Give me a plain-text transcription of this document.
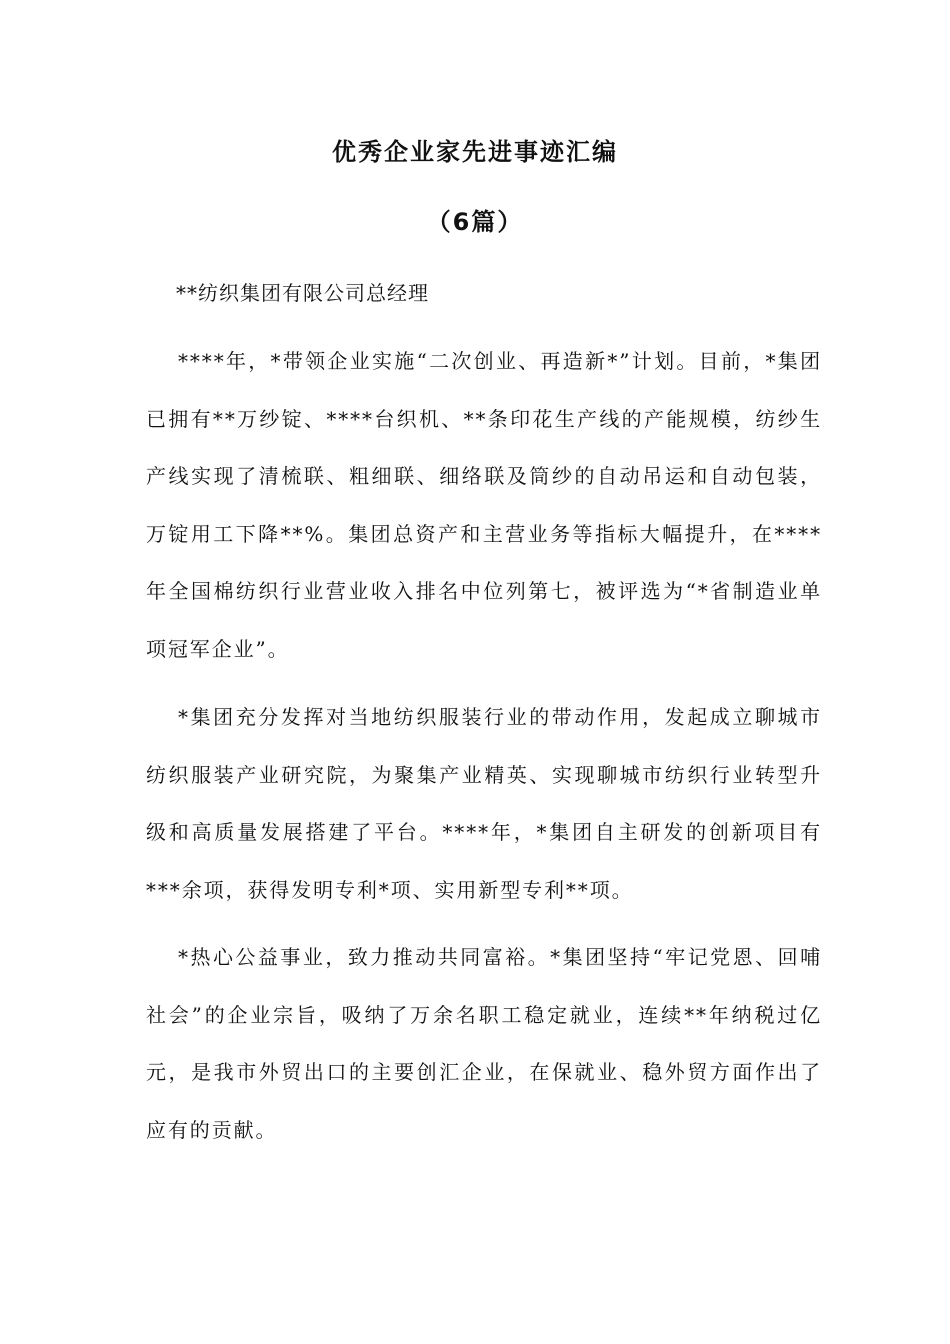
优秀企业家先进事迹汇编
（6篇）
**纺织集团有限公司总经理

****年，*带领企业实施“二次创业、再造新*”计划。目前，*集团已拥有**万纱锭、****台织机、**条印花生产线的产能规模，纺纱生产线实现了清梳联、粗细联、细络联及筒纱的自动吊运和自动包装，万锭用工下降**%。集团总资产和主营业务等指标大幅提升，在****年全国棉纺织行业营业收入排名中位列第七，被评选为“*省制造业单项冠军企业”。

*集团充分发挥对当地纺织服装行业的带动作用，发起成立聊城市纺织服装产业研究院，为聚集产业精英、实现聊城市纺织行业转型升级和高质量发展搭建了平台。****年，*集团自主研发的创新项目有***余项，获得发明专利*项、实用新型专利**项。

*热心公益事业，致力推动共同富裕。*集团坚持“牢记党恩、回哺社会”的企业宗旨，吸纳了万余名职工稳定就业，连续**年纳税过亿元，是我市外贸出口的主要创汇企业，在保就业、稳外贸方面作出了应有的贡献。
